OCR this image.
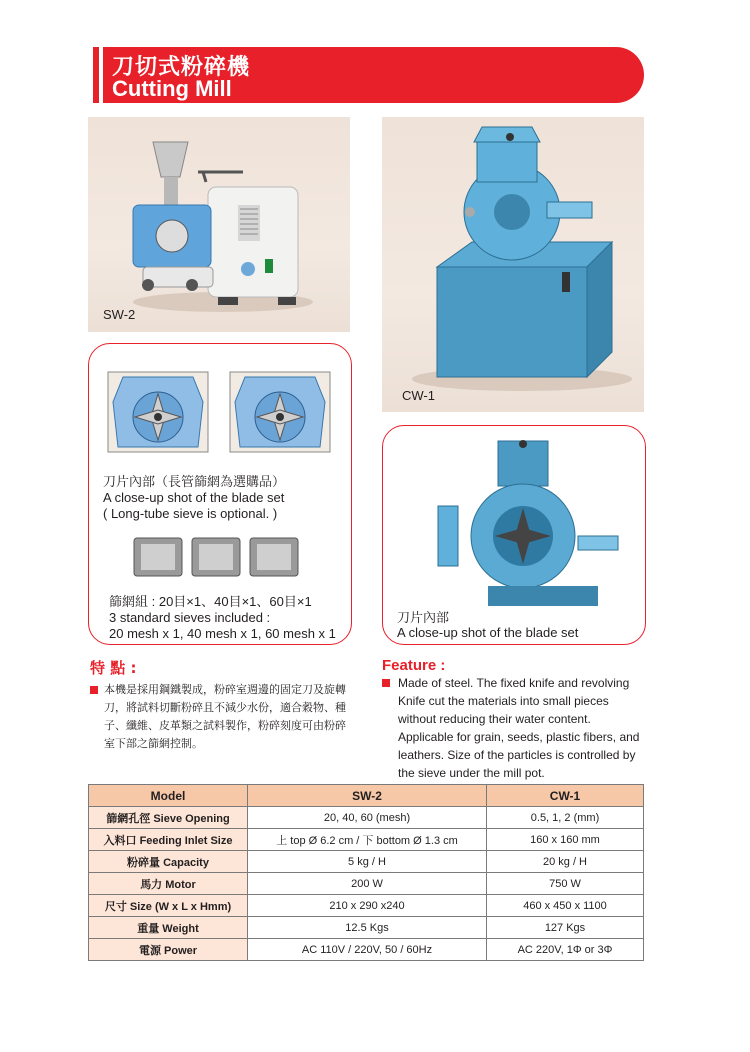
刀切式粉碎機
Cutting Mill
SW-2
CW-1
刀片內部（長管篩網為選購品）
A close-up shot of the blade set
( Long-tube sieve is optional. )
篩網組 : 20目×1、40目×1、60目×1
3 standard sieves included :
20 mesh x 1, 40 mesh x 1, 60 mesh x 1
刀片內部
A close-up shot of the blade set
特 點 :
本機是採用鋼鐵製成，粉碎室週邊的固定刀及旋轉
刀，將試料切斷粉碎且不減少水份，適合穀物、種
子、纖維、皮革類之試料製作，粉碎刻度可由粉碎
室下部之篩網控制。
Feature :
Made of steel. The fixed knife and revolving
Knife cut the materials into small pieces
without reducing their water content.
Applicable for grain, seeds, plastic fibers, and
leathers. Size of the particles is controlled by
the sieve under the mill pot.
Model	SW-2	CW-1
篩網孔徑 Sieve Opening	20, 40, 60 (mesh)	0.5, 1, 2 (mm)
入料口 Feeding Inlet Size	上 top Ø 6.2 cm / 下 bottom Ø 1.3 cm	160 x 160 mm
粉碎量 Capacity	5 kg / H	20 kg / H
馬力 Motor	200 W	750 W
尺寸 Size (W x L x Hmm)	210 x 290 x240	460 x 450 x 1100
重量 Weight	12.5 Kgs	127 Kgs
電源 Power	AC 110V / 220V, 50 / 60Hz	AC 220V, 1Φ or 3Φ
